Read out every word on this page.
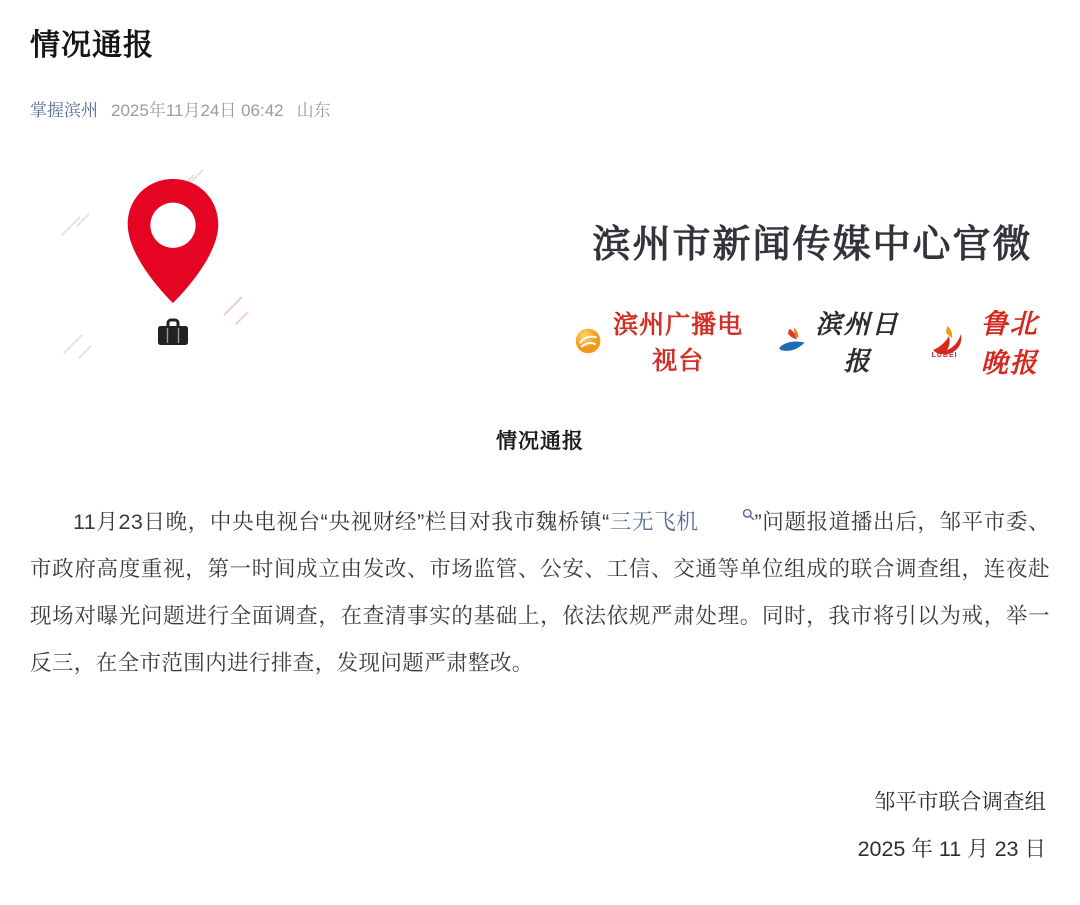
情况通报
掌握滨州 2025年11月24日 06:42 山东
滨州市新闻传媒中心官微
滨州广播电视台
滨州日报	LUBEI
鲁北晚报
情况通报

11月23日晚，中央电视台“央视财经”栏目对我市魏桥镇“三无飞机	”问题报道播出后，邹平市委、市政府高度重视，第一时间成立由发改、市场监管、公安、工信、交通等单位组成的联合调查组，连夜赴现场对曝光问题进行全面调查，在查清事实的基础上，依法依规严肃处理。同时，我市将引以为戒，举一反三，在全市范围内进行排查，发现问题严肃整改。

邹平市联合调查组
2025 年 11 月 23 日
